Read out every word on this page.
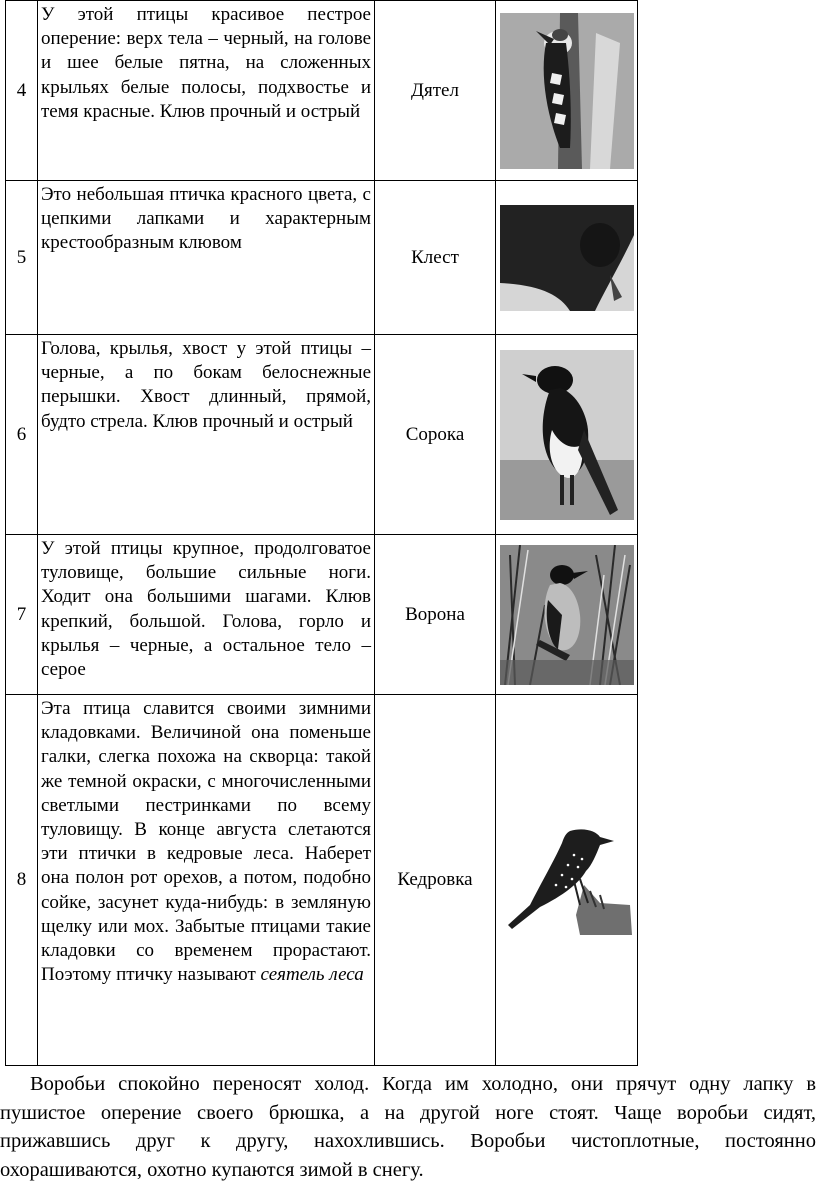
4	У этой птицы красивое пестрое оперение: верх тела – черный, на голове и шее белые пятна, на сложенных крыльях белые полосы, подхвостье и темя красные. Клюв прочный и острый	Дятел	

5	Это небольшая птичка красного цвета, с цепкими лапками и характерным крестообразным клювом	Клест	

6	Голова, крылья, хвост у этой птицы – черные, а по бокам белоснежные перышки. Хвост длинный, прямой, будто стрела. Клюв прочный и острый	Сорока	

7	У этой птицы крупное, продолговатое туловище, большие сильные ноги. Ходит она большими шагами. Клюв крепкий, большой. Голова, горло и крылья – черные, а остальное тело – серое	Ворона	

8	Эта птица славится своими зимними кладовками. Величиной она поменьше галки, слегка похожа на скворца: такой же темной окраски, с многочисленными светлыми пестринками по всему туловищу. В конце августа слетаются эти птички в кедровые леса. Наберет она полон рот орехов, а потом, подобно сойке, засунет куда-нибудь: в земляную щелку или мох. Забытые птицами такие кладовки со временем прорастают. Поэтому птичку называют сеятель леса	Кедровка	

Воробьи спокойно переносят холод. Когда им холодно, они прячут одну лапку в пушистое оперение своего брюшка, а на другой ноге стоят. Чаще воробьи сидят, прижавшись друг к другу, нахохлившись. Воробьи чистоплотные, постоянно охорашиваются, охотно купаются зимой в снегу.
